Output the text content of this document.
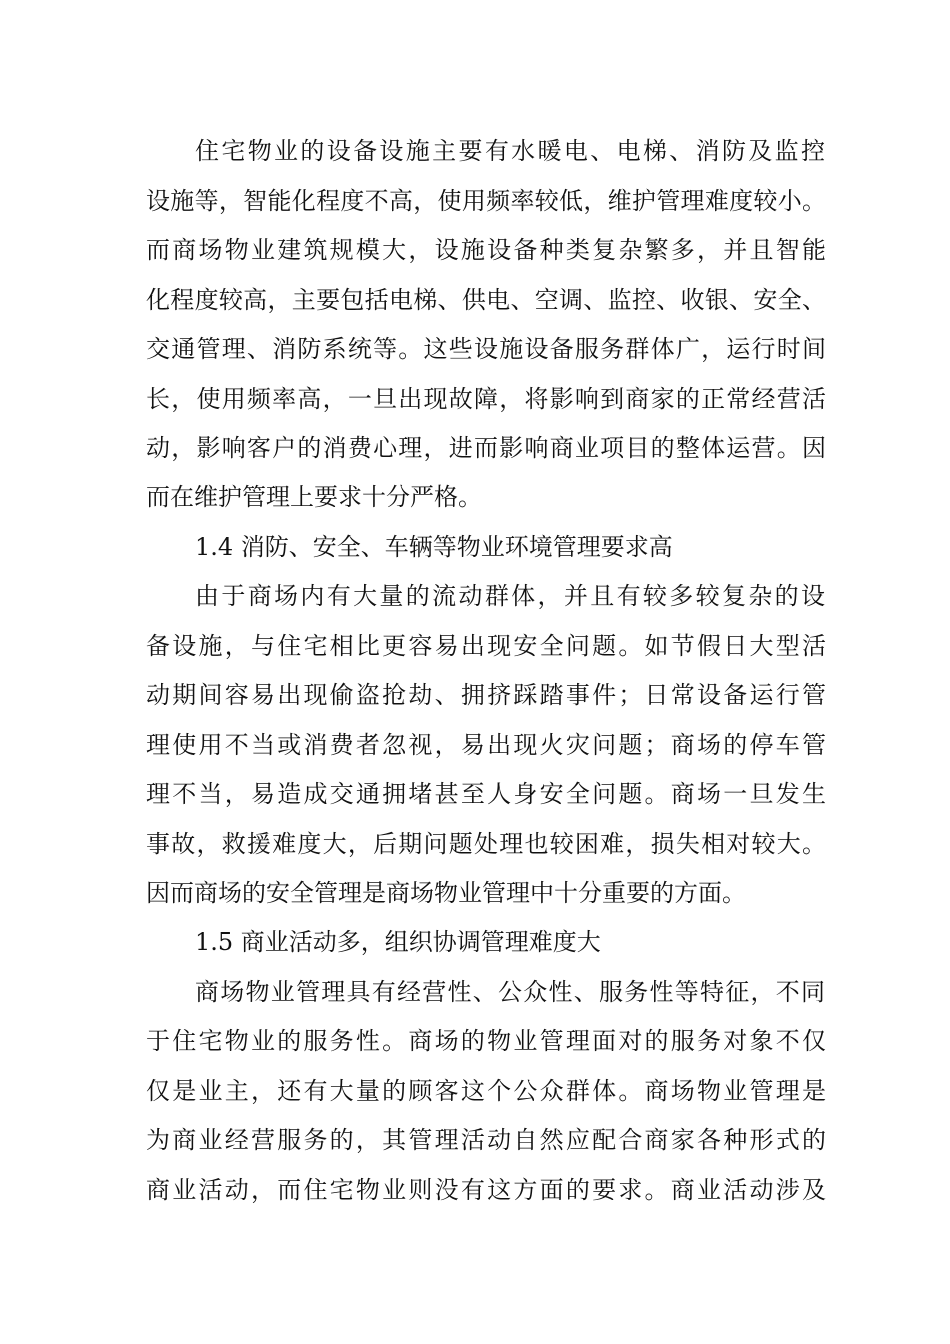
住宅物业的设备设施主要有水暖电、电梯、消防及监控
设施等，智能化程度不高，使用频率较低，维护管理难度较小。
而商场物业建筑规模大，设施设备种类复杂繁多，并且智能
化程度较高，主要包括电梯、供电、空调、监控、收银、安全、
交通管理、消防系统等。这些设施设备服务群体广，运行时间
长，使用频率高，一旦出现故障，将影响到商家的正常经营活
动，影响客户的消费心理，进而影响商业项目的整体运营。因
而在维护管理上要求十分严格。
1.4 消防、安全、车辆等物业环境管理要求高
由于商场内有大量的流动群体，并且有较多较复杂的设
备设施，与住宅相比更容易出现安全问题。如节假日大型活
动期间容易出现偷盗抢劫、拥挤踩踏事件；日常设备运行管
理使用不当或消费者忽视，易出现火灾问题；商场的停车管
理不当，易造成交通拥堵甚至人身安全问题。商场一旦发生
事故，救援难度大，后期问题处理也较困难，损失相对较大。
因而商场的安全管理是商场物业管理中十分重要的方面。
1.5 商业活动多，组织协调管理难度大
商场物业管理具有经营性、公众性、服务性等特征，不同
于住宅物业的服务性。商场的物业管理面对的服务对象不仅
仅是业主，还有大量的顾客这个公众群体。商场物业管理是
为商业经营服务的，其管理活动自然应配合商家各种形式的
商业活动，而住宅物业则没有这方面的要求。商业活动涉及
